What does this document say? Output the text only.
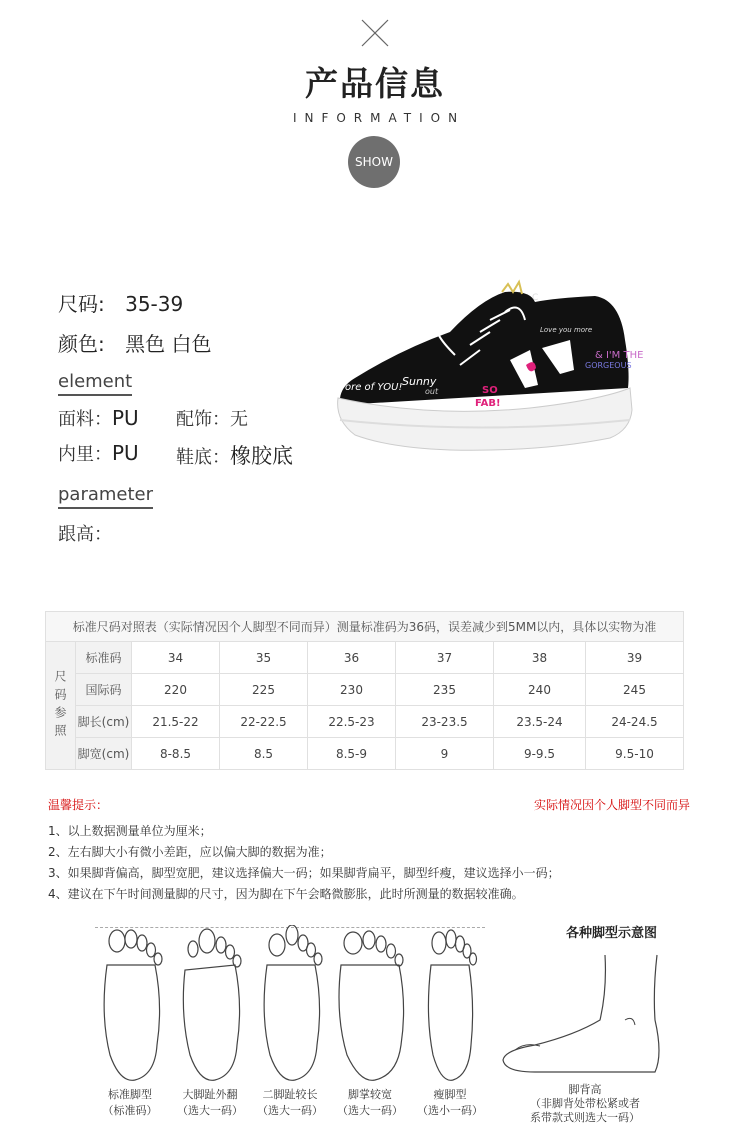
产品信息
INFORMATION
SHOW
尺码: 35-39
颜色: 黑色 白色
element
面料：PU 配饰：无
内里：PU 鞋底：橡胶底
parameter
跟高：
Sunny
out
Love you more
& I'M THE
GORGEOUS
SO
FAB!
ore of YOU!
C
标准尺码对照表（实际情况因个人脚型不同而异）测量标准码为36码，误差减少到5MM以内，具体以实物为准							
尺码参照	标准码	34	35	36	37	38	39
	国际码	220	225	230	235	240	245
	脚长(cm)	21.5-22	22-22.5	22.5-23	23-23.5	23.5-24	24-24.5
	脚宽(cm)	8-8.5	8.5	8.5-9	9	9-9.5	9.5-10
温馨提示：	实际情况因个人脚型不同而异
1、以上数据测量单位为厘米；
2、左右脚大小有微小差距，应以偏大脚的数据为准；
3、如果脚背偏高，脚型宽肥，建议选择偏大一码；如果脚背扁平，脚型纤瘦，建议选择小一码；
4、建议在下午时间测量脚的尺寸，因为脚在下午会略微膨胀，此时所测量的数据较准确。
标准脚型
（标准码）
大脚趾外翻
（选大一码）
二脚趾较长
（选大一码）
脚掌较宽
（选大一码）
瘦脚型
（选小一码）
各种脚型示意图
脚背高
（非脚背处带松紧或者
系带款式则选大一码）
